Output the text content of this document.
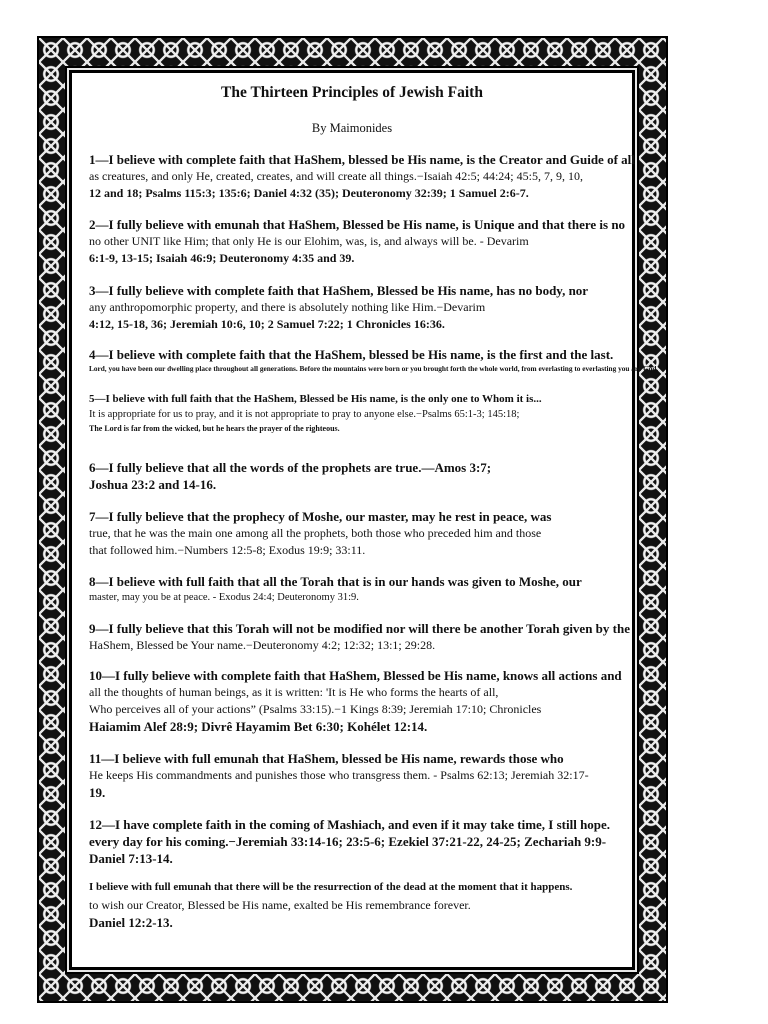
The Thirteen Principles of Jewish Faith

By Maimonides

1—I believe with complete faith that HaShem, blessed be His name, is the Creator and Guide of all
as creatures, and only He, created, creates, and will create all things.−Isaiah 42:5; 44:24; 45:5, 7, 9, 10,
12 and 18; Psalms 115:3; 135:6; Daniel 4:32 (35); Deuteronomy 32:39; 1 Samuel 2:6-7.
2—I fully believe with emunah that HaShem, Blessed be His name, is Unique and that there is no
no other UNIT like Him; that only He is our Elohim, was, is, and always will be. - Devarim
6:1-9, 13-15; Isaiah 46:9; Deuteronomy 4:35 and 39.
3—I fully believe with complete faith that HaShem, Blessed be His name, has no body, nor
any anthropomorphic property, and there is absolutely nothing like Him.−Devarim
4:12, 15-18, 36; Jeremiah 10:6, 10; 2 Samuel 7:22; 1 Chronicles 16:36.
4—I believe with complete faith that the HaShem, blessed be His name, is the first and the last.
Lord, you have been our dwelling place throughout all generations. Before the mountains were born or you brought forth the whole world, from everlasting to everlasting you are God.
5—I believe with full faith that the HaShem, Blessed be His name, is the only one to Whom it is...
It is appropriate for us to pray, and it is not appropriate to pray to anyone else.−Psalms 65:1-3; 145:18;
The Lord is far from the wicked, but he hears the prayer of the righteous.
6—I fully believe that all the words of the prophets are true.—Amos 3:7;
Joshua 23:2 and 14-16.
7—I fully believe that the prophecy of Moshe, our master, may he rest in peace, was
true, that he was the main one among all the prophets, both those who preceded him and those
that followed him.−Numbers 12:5-8; Exodus 19:9; 33:11.
8—I believe with full faith that all the Torah that is in our hands was given to Moshe, our
master, may you be at peace. - Exodus 24:4; Deuteronomy 31:9.
9—I fully believe that this Torah will not be modified nor will there be another Torah given by the
HaShem, Blessed be Your name.−Deuteronomy 4:2; 12:32; 13:1; 29:28.
10—I fully believe with complete faith that HaShem, Blessed be His name, knows all actions and
all the thoughts of human beings, as it is written: 'It is He who forms the hearts of all,
Who perceives all of your actions” (Psalms 33:15).−1 Kings 8:39; Jeremiah 17:10; Chronicles
Haiamim Alef 28:9; Divrê Hayamim Bet 6:30; Kohélet 12:14.
11—I believe with full emunah that HaShem, blessed be His name, rewards those who
He keeps His commandments and punishes those who transgress them. - Psalms 62:13; Jeremiah 32:17-
19.
12—I have complete faith in the coming of Mashiach, and even if it may take time, I still hope.
every day for his coming.−Jeremiah 33:14-16; 23:5-6; Ezekiel 37:21-22, 24-25; Zechariah 9:9-
Daniel 7:13-14.
I believe with full emunah that there will be the resurrection of the dead at the moment that it happens.
to wish our Creator, Blessed be His name, exalted be His remembrance forever.
Daniel 12:2-13.
